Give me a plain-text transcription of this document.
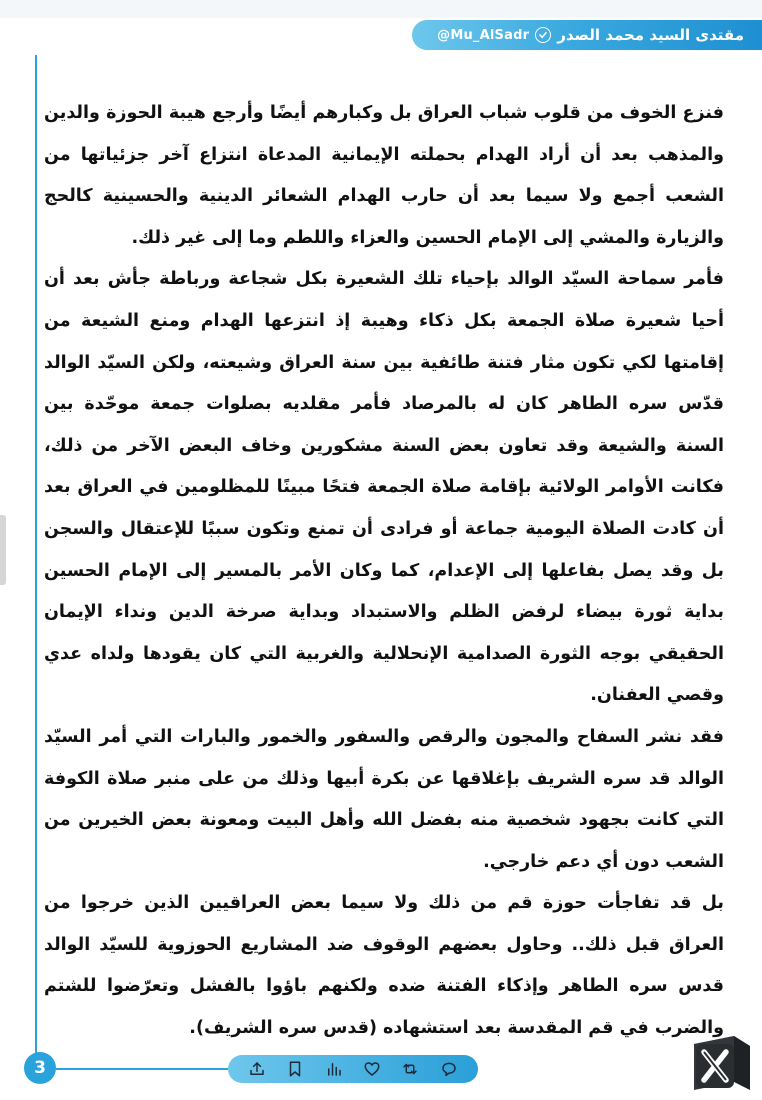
@Mu_AlSadr مقتدى السيد محمد الصدر

فنزع الخوف من قلوب شباب العراق بل وكبارهم أيضًا وأرجع هيبة الحوزة والدين والمذهب بعد أن أراد الهدام بحملته الإيمانية المدعاة انتزاع آخر جزئياتها من الشعب أجمع ولا سيما بعد أن حارب الهدام الشعائر الدينية والحسينية كالحج والزيارة والمشي إلى الإمام الحسين والعزاء واللطم وما إلى غير ذلك.

فأمر سماحة السيّد الوالد بإحياء تلك الشعيرة بكل شجاعة ورباطة جأش بعد أن أحيا شعيرة صلاة الجمعة بكل ذكاء وهيبة إذ انتزعها الهدام ومنع الشيعة من إقامتها لكي تكون مثار فتنة طائفية بين سنة العراق وشيعته، ولكن السيّد الوالد قدّس سره الطاهر كان له بالمرصاد فأمر مقلديه بصلوات جمعة موحّدة بين السنة والشيعة وقد تعاون بعض السنة مشكورين وخاف البعض الآخر من ذلك، فكانت الأوامر الولائية بإقامة صلاة الجمعة فتحًا مبينًا للمظلومين في العراق بعد أن كادت الصلاة اليومية جماعة أو فرادى أن تمنع وتكون سببًا للإعتقال والسجن بل وقد يصل بفاعلها إلى الإعدام، كما وكان الأمر بالمسير إلى الإمام الحسين بداية ثورة بيضاء لرفض الظلم والاستبداد وبداية صرخة الدين ونداء الإيمان الحقيقي بوجه الثورة الصدامية الإنحلالية والغربية التي كان يقودها ولداه عدي وقصي العفنان.

فقد نشر السفاح والمجون والرقص والسفور والخمور والبارات التي أمر السيّد الوالد قد سره الشريف بإغلاقها عن بكرة أبيها وذلك من على منبر صلاة الكوفة التي كانت بجهود شخصية منه بفضل الله وأهل البيت ومعونة بعض الخيرين من الشعب دون أي دعم خارجي.

بل قد تفاجأت حوزة قم من ذلك ولا سيما بعض العراقيين الذين خرجوا من العراق قبل ذلك.. وحاول بعضهم الوقوف ضد المشاريع الحوزوية للسيّد الوالد قدس سره الطاهر وإذكاء الفتنة ضده ولكنهم باؤوا بالفشل وتعرّضوا للشتم والضرب في قم المقدسة بعد استشهاده (قدس سره الشريف).

3
